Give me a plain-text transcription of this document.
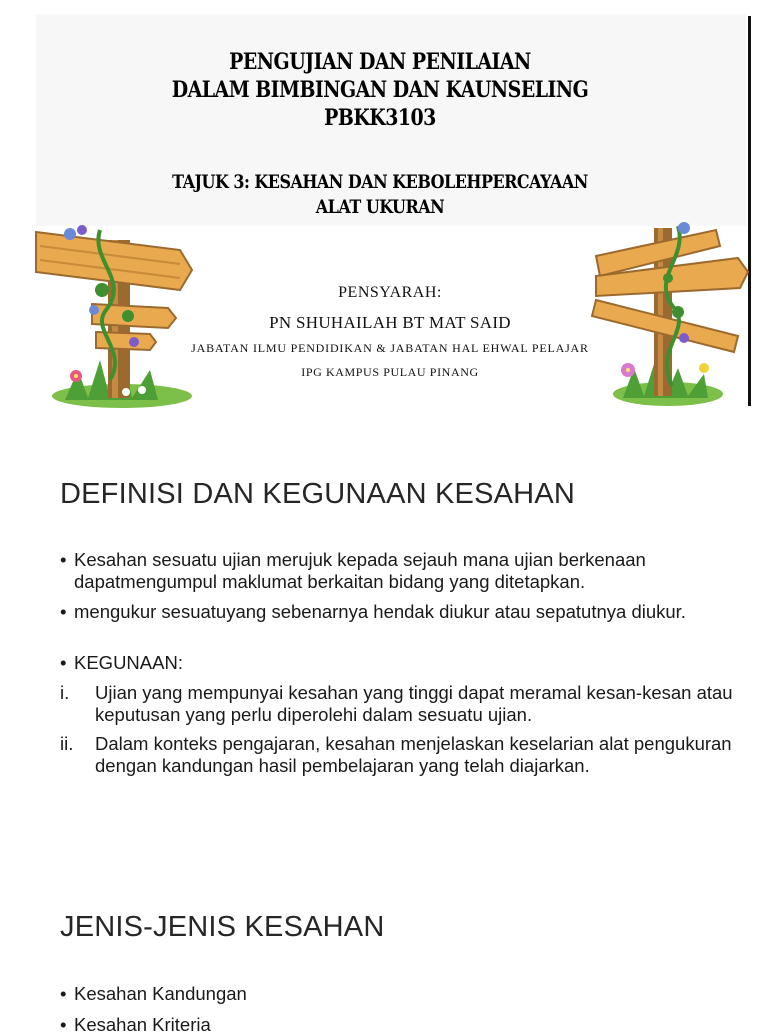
PENGUJIAN DAN PENILAIAN
DALAM BIMBINGAN DAN KAUNSELING
PBKK3103
TAJUK 3: KESAHAN DAN KEBOLEHPERCAYAAN
ALAT UKURAN
PENSYARAH:
PN SHUHAILAH BT MAT SAID
JABATAN ILMU PENDIDIKAN & JABATAN HAL EHWAL PELAJAR
IPG KAMPUS PULAU PINANG
DEFINISI DAN KEGUNAAN KESAHAN
• Kesahan sesuatu ujian merujuk kepada sejauh mana ujian berkenaan dapatmengumpul maklumat berkaitan bidang yang ditetapkan.
• mengukur sesuatuyang sebenarnya hendak diukur atau sepatutnya diukur.
• KEGUNAAN:
i.	Ujian yang mempunyai kesahan yang tinggi dapat meramal kesan-kesan atau keputusan yang perlu diperolehi dalam sesuatu ujian.
ii.	Dalam konteks pengajaran, kesahan menjelaskan keselarian alat pengukuran dengan kandungan hasil pembelajaran yang telah diajarkan.
JENIS-JENIS KESAHAN
• Kesahan Kandungan
• Kesahan Kriteria
